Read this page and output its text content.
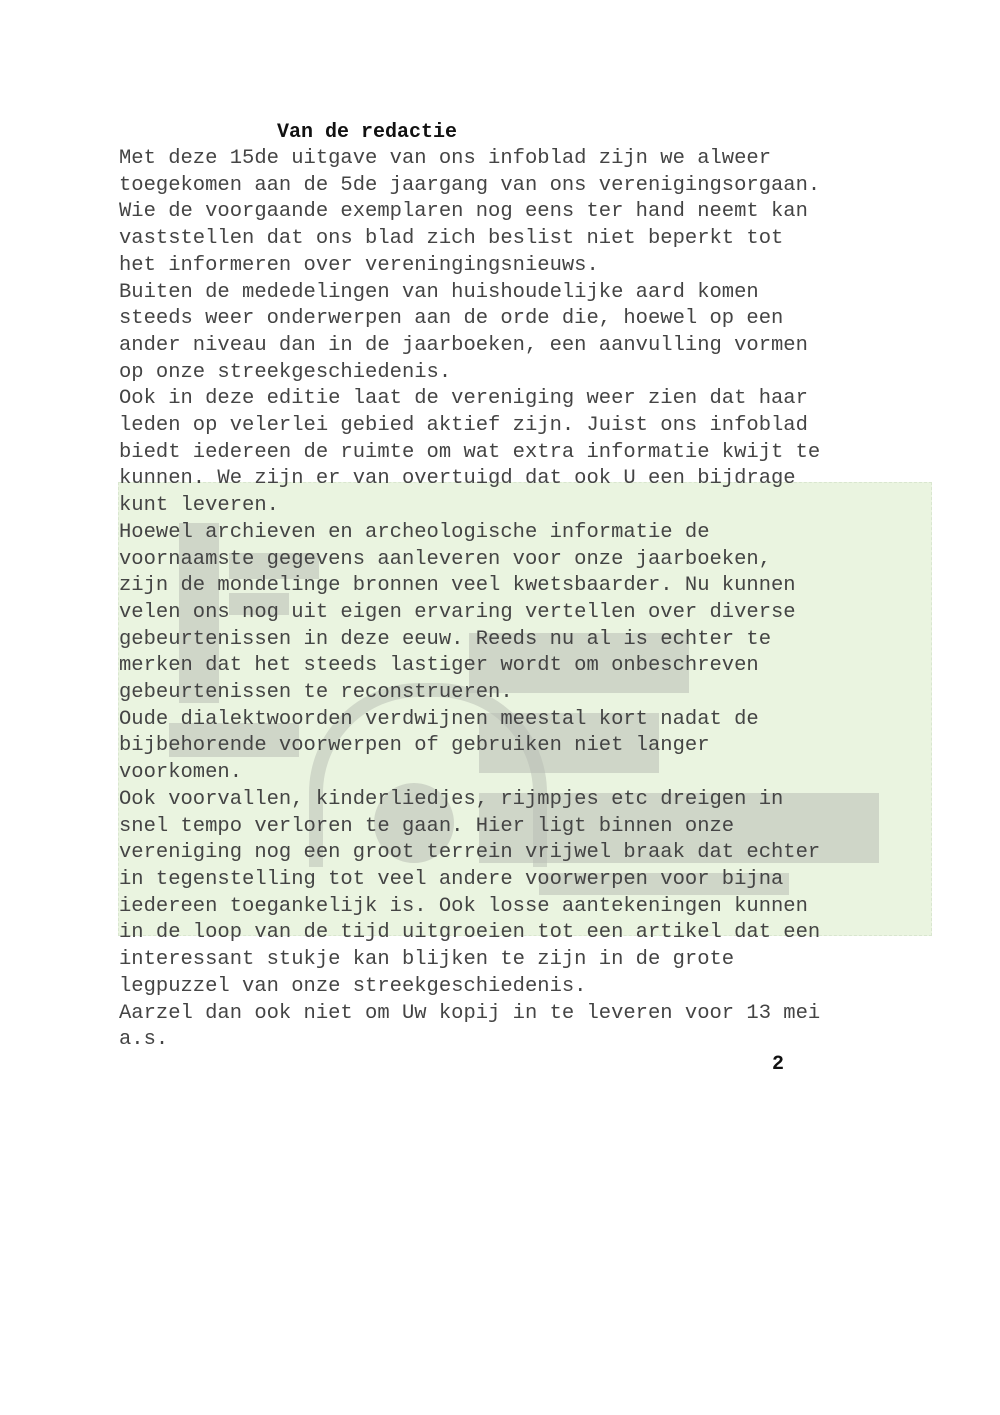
Van de redactie
Met deze 15de uitgave van ons infoblad zijn we alweer
toegekomen aan de 5de jaargang van ons verenigingsorgaan.
Wie de voorgaande exemplaren nog eens ter hand neemt kan
vaststellen dat ons blad zich beslist niet beperkt tot
het informeren over vereningingsnieuws.
Buiten de mededelingen van huishoudelijke aard komen
steeds weer onderwerpen aan de orde die, hoewel op een
ander niveau dan in de jaarboeken, een aanvulling vormen
op onze streekgeschiedenis.
Ook in deze editie laat de vereniging weer zien dat haar
leden op velerlei gebied aktief zijn. Juist ons infoblad
biedt iedereen de ruimte om wat extra informatie kwijt te
kunnen. We zijn er van overtuigd dat ook U een bijdrage
kunt leveren.
Hoewel archieven en archeologische informatie de
voornaamste gegevens aanleveren voor onze jaarboeken,
zijn de mondelinge bronnen veel kwetsbaarder. Nu kunnen
velen ons nog uit eigen ervaring vertellen over diverse
gebeurtenissen in deze eeuw. Reeds nu al is echter te
merken dat het steeds lastiger wordt om onbeschreven
gebeurtenissen te reconstrueren.
Oude dialektwoorden verdwijnen meestal kort nadat de
bijbehorende voorwerpen of gebruiken niet langer
voorkomen.
Ook voorvallen, kinderliedjes, rijmpjes etc dreigen in
snel tempo verloren te gaan. Hier ligt binnen onze
vereniging nog een groot terrein vrijwel braak dat echter
in tegenstelling tot veel andere voorwerpen voor bijna
iedereen toegankelijk is. Ook losse aantekeningen kunnen
in de loop van de tijd uitgroeien tot een artikel dat een
interessant stukje kan blijken te zijn in de grote
legpuzzel van onze streekgeschiedenis.
Aarzel dan ook niet om Uw kopij in te leveren voor 13 mei
a.s.

2
